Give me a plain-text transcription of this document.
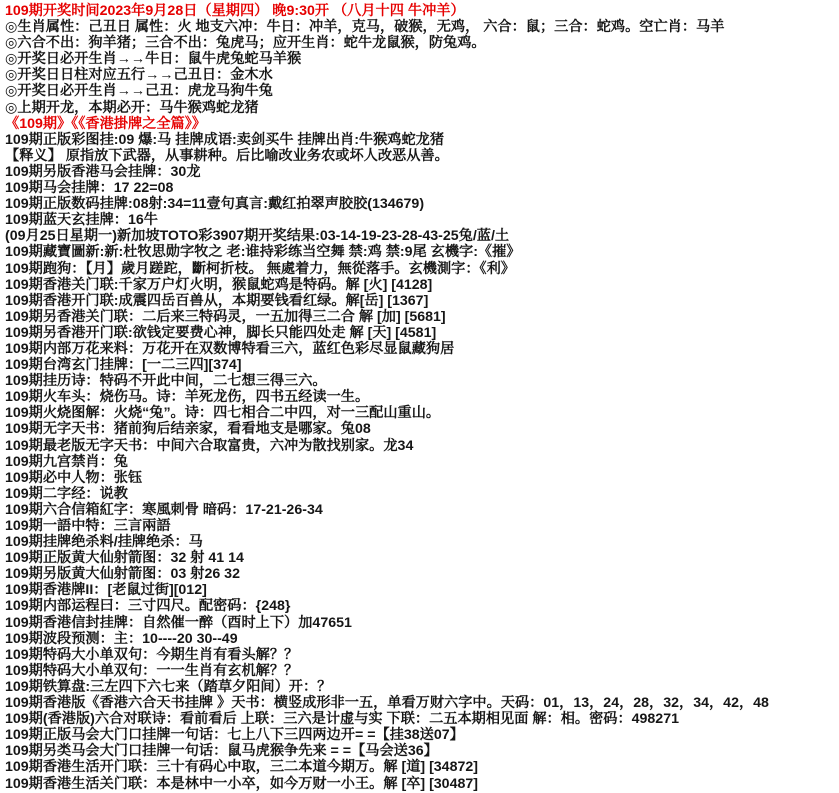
109期开奖时间2023年9月28日（星期四） 晚9:30开 （八月十四 牛冲羊）
◎生肖属性：己丑日 属性：火 地支六冲：牛日：冲羊，克马，破猴，无鸡， 六合：鼠；三合：蛇鸡。空亡肖：马羊
◎六合不出：狗羊猪；三合不出：兔虎马；应开生肖：蛇牛龙鼠猴，防兔鸡。
◎开奖日必开生肖→→牛日：鼠牛虎兔蛇马羊猴
◎开奖日日柱对应五行→→己丑日：金木水
◎开奖日必开生肖→→己丑：虎龙马狗牛兔
◎上期开龙，本期必开：马牛猴鸡蛇龙猪
《109期》《《香港掛牌之全篇》》
109期正版彩图挂:09 爆:马 挂牌成语:卖剑买牛 挂牌出肖:牛猴鸡蛇龙猪
【释义】 原指放下武器，从事耕种。后比喻改业务农或坏人改恶从善。
109期另版香港马会挂牌：30龙
109期马会挂牌：17 22=08
109期正版数码挂牌:08射:34=11壹句真言:戴红拍翠声胶胶(134679)
109期蓝天玄挂牌：16牛
(09月25日星期一)新加坡TOTO彩3907期开奖结果:03-14-19-23-28-43-25兔/蓝/土
109期藏寶圖新:新:杜牧思勋字牧之 老:谁持彩练当空舞 禁:鸡 禁:9尾 玄機字:《摧》
109期跑狗：【月】歲月蹉跎，斷柯折枝。 無處着力，無從落手。玄機測字：《利》
109期香港关门联:千家万户灯火明，猴鼠蛇鸡是特码。解 [火] [4128]
109期香港开门联:成震四岳百兽从，本期要钱看红绿。解[岳] [1367]
109期另香港关门联：二后来三特码灵，一五加得三二合 解 [加] [5681]
109期另香港开门联:欲钱定要费心神，脚长只能四处走 解 [天] [4581]
109期内部万花来料：万花开在双数博特看三六，蓝红色彩尽显鼠藏狗居
109期台湾玄门挂牌：[一二三四][374]
109期挂历诗：特码不开此中间，二七想三得三六。
109期火车头：烧伤马。诗：羊死龙伤，四书五经读一生。
109期火烧图解：火烧“兔”。诗：四七相合二中四，对一三配山重山。
109期无字天书：猪前狗后结亲家，看看地支是哪家。兔08
109期最老版无字天书：中间六合取富贵，六冲为散找别家。龙34
109期九宫禁肖：兔
109期必中人物：张钰
109期二字经：说教
109期六合信箱紅字：寒風刺骨 暗码：17-21-26-34
109期一語中特：三言兩語
109期挂牌绝杀料/挂牌绝杀：马
109期正版黄大仙射箭图：32 射 41 14
109期另版黄大仙射箭图：03 射26 32
109期香港牌II：[老鼠过街][012]
109期内部运程曰：三寸四尺。配密码：{248}
109期香港信封挂牌：自然催一醉（酉时上下）加47651
109期波段预测：主：10----20 30--49
109期特码大小单双句：今期生肖有看头解？？
109期特码大小单双句：一一生肖有玄机解？？
109期铁算盘:三左四下六七来（踏草夕阳间）开：？
109期香港版《香港六合天书挂牌 》天书：横竖成形非一五，单看万财六字中。天码：01，13，24，28，32，34，42，48
109期(香港版)六合对联诗：看前看后 上联：三六是计虚与实 下联：二五本期相见面 解：相。密码：498271
109期正版马会大门口挂牌一句话：七上八下三四两边开= =【挂38送07】
109期另类马会大门口挂牌一句话：鼠马虎猴争先来 = =【马会送36】
109期香港生活开门联：三十有码心中取，三二本道今期万。解 [道] [34872]
109期香港生活关门联：本是林中一小卒，如今万财一小王。解 [卒] [30487]
